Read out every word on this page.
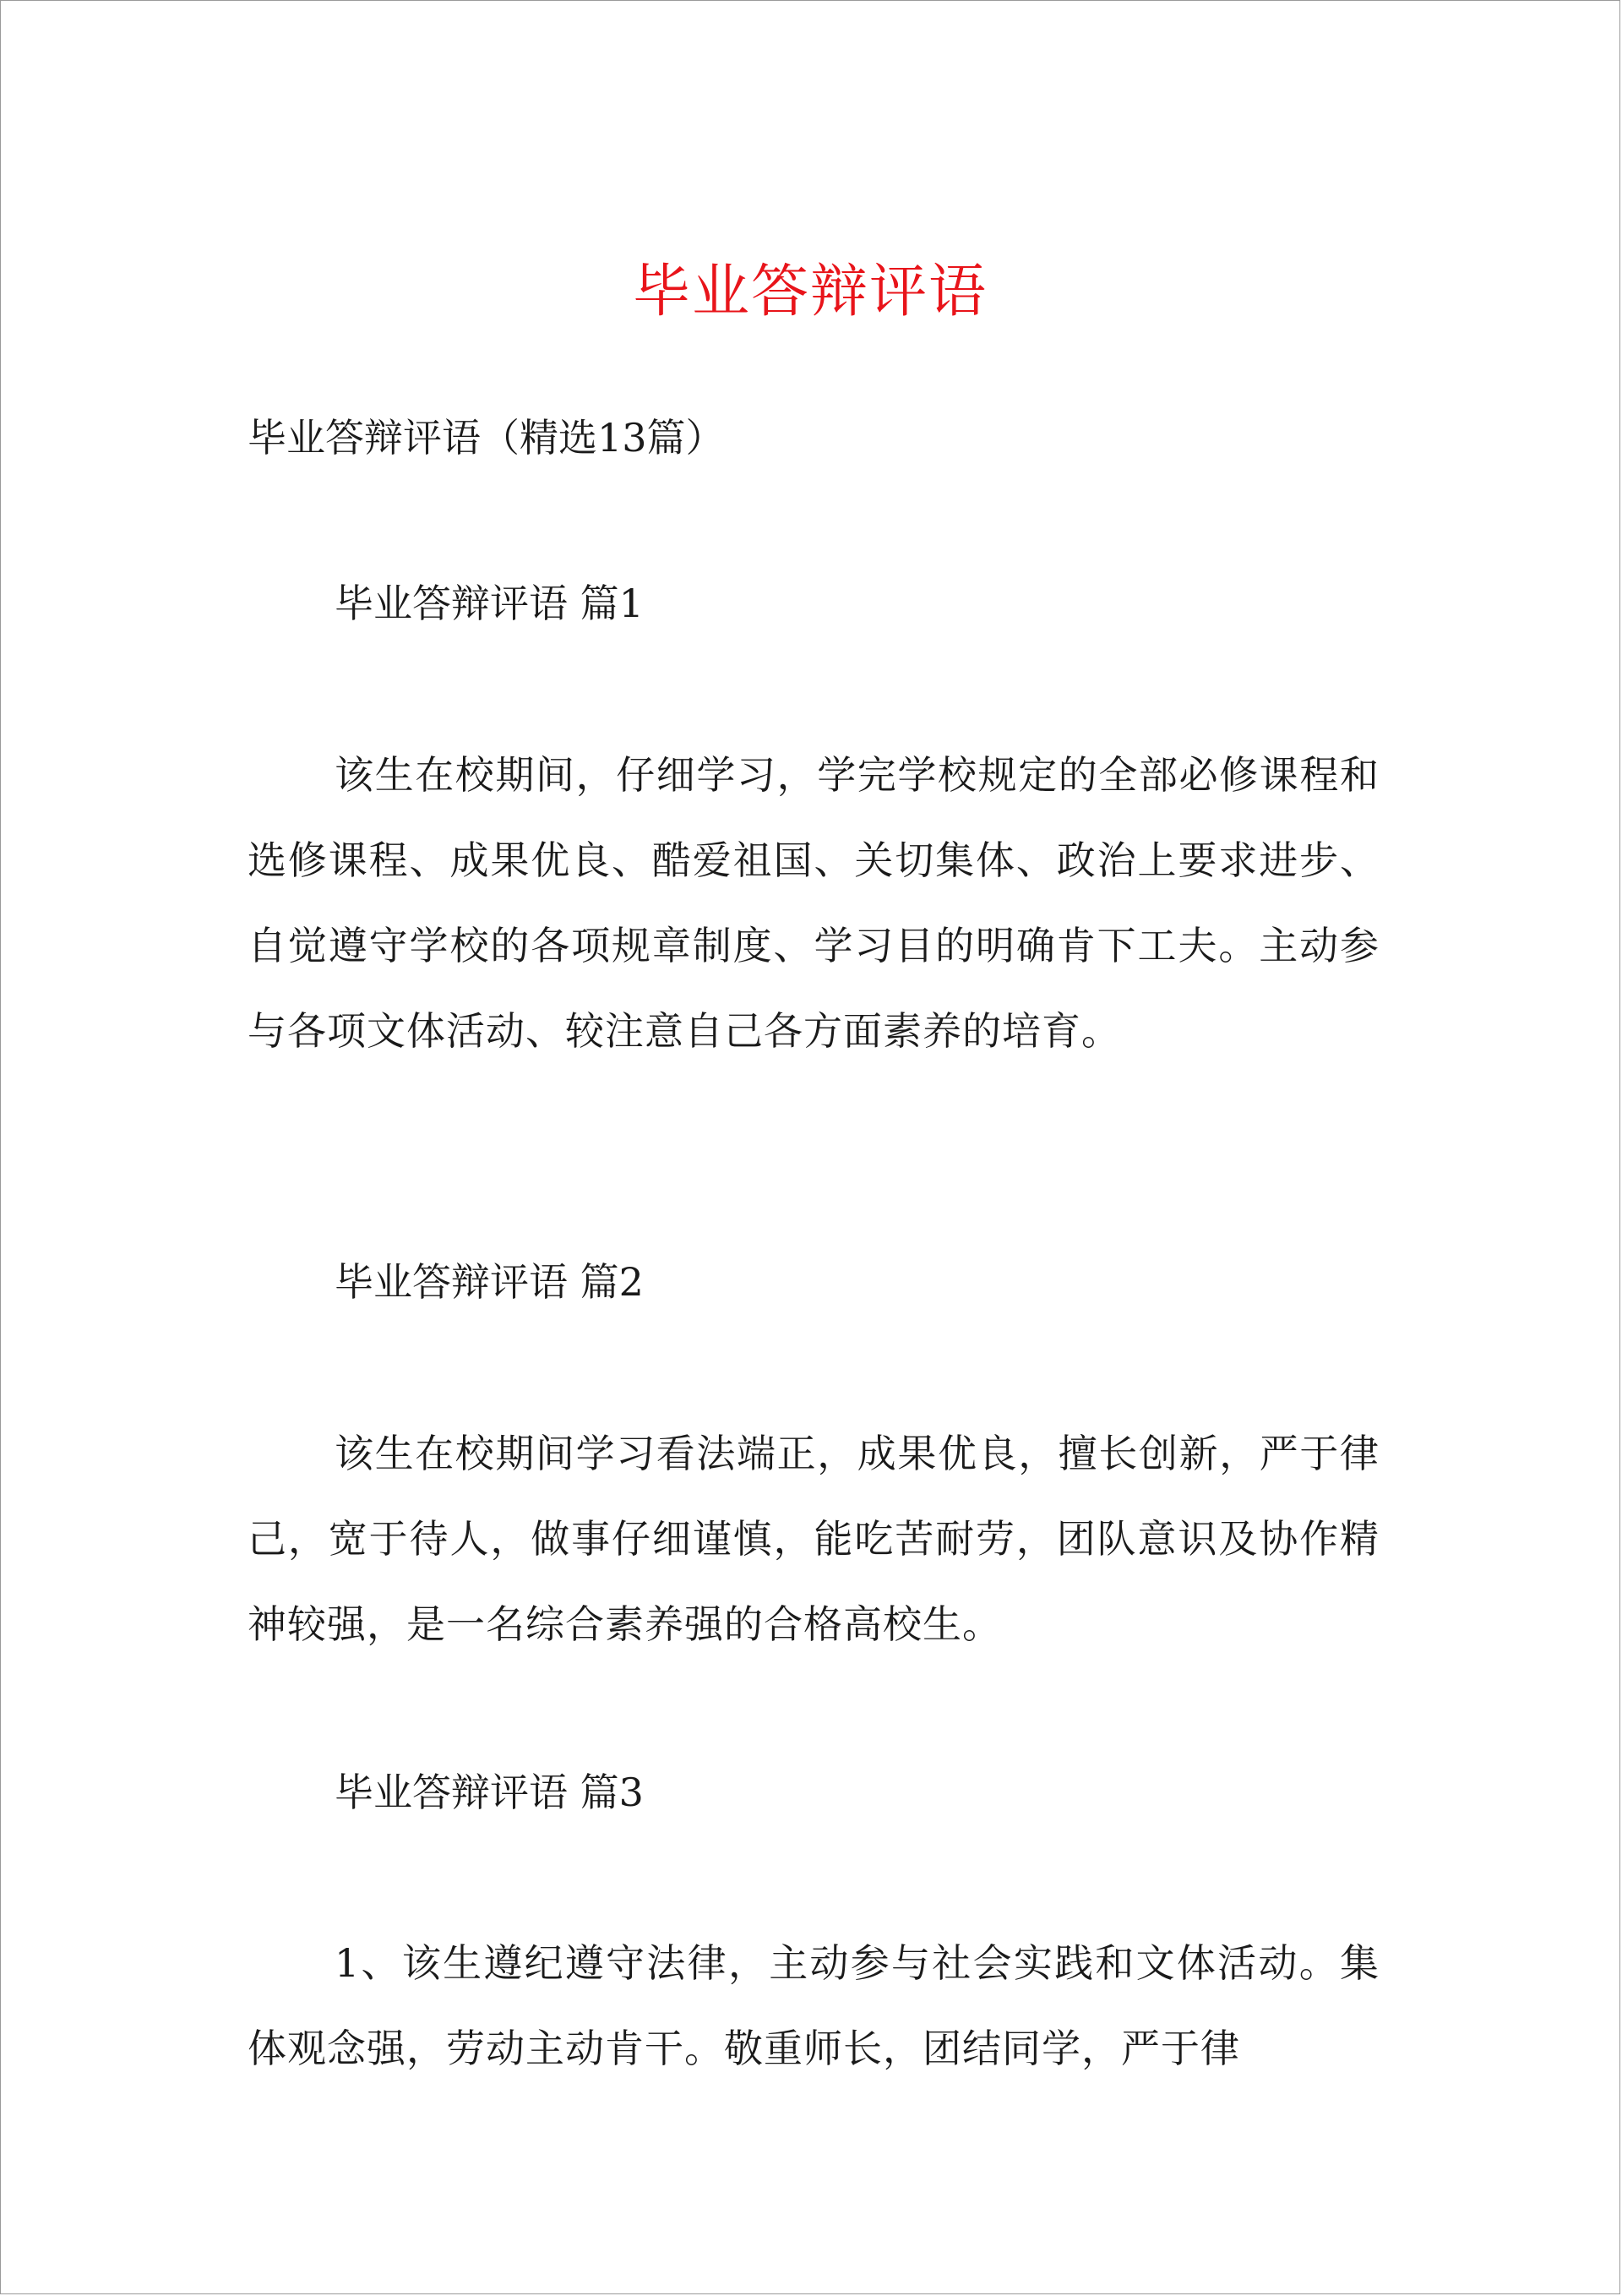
毕业答辩评语

毕业答辩评语（精选13篇）

毕业答辩评语 篇1

该生在校期间，仔细学习，学完学校规定的全部必修课程和选修课程、成果优良、酷爱祖国、关切集体、政治上要求进步、自觉遵守学校的各项规章制度、学习目的明确肯下工夫。主动参与各项文体活动、较注意自己各方面素养的培育。

毕业答辩评语 篇2

该生在校期间学习看法端正，成果优良，擅长创新，严于律己，宽于待人，做事仔细谨慎，能吃苦耐劳，团队意识及协作精神较强，是一名综合素养强的合格高校生。

毕业答辩评语 篇3

1、该生遵纪遵守法律，主动参与社会实践和文体活动。集体观念强，劳动主动肯干。敬重师长，团结同学，严于律
